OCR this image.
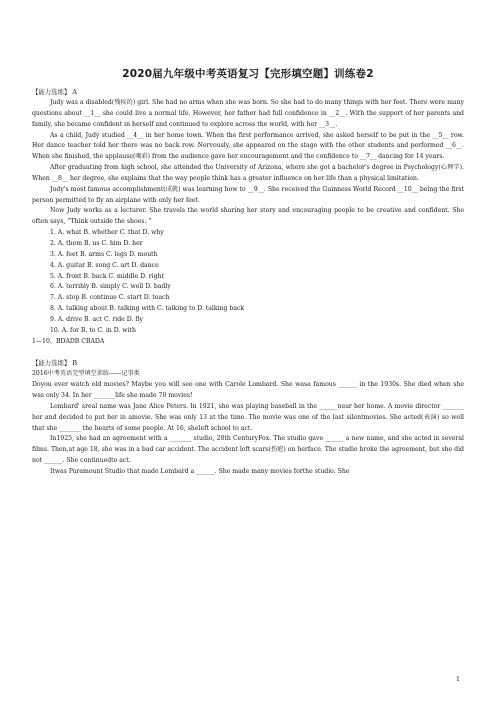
2020届九年级中考英语复习【完形填空题】训练卷2

【能力选练】 A

Judy was a disabled(残疾的) girl. She had no arms when she was born. So she had to do many things with her feet. There were many questions about __1__ she could live a normal life. However, her father had full confidence in __2__. With the support of her parents and family, she became confident in herself and continued to explore across the world, with her __3__.

As a child, Judy studied __4__ in her home town. When the first performance arrived, she asked herself to be put in the __5__ row. Her dance teacher told her there was no back row. Nervously, she appeared on the stage with the other students and performed __6__. When she finished, the applause(喝彩) from the audience gave her encouragement and the confidence to __7__ dancing for 14 years.

After graduating from high school, she attended the University of Arizona, where she got a bachelor's degree in Psychology(心理学). When __8__ her degree, she explains that the way people think has a greater influence on her life than a physical limitation.

Judy's most famous accomplishment(成就) was learning how to __9__. She received the Guinness World Record __10__ being the first person permitted to fly an airplane with only her feet.

Now Judy works as a lecturer. She travels the world sharing her story and encouraging people to be creative and confident. She often says, “Think outside the shoes. ”

1. A. what B. whether C. that D. why

2. A. them B. us C. him D. her

3. A. feet B. arms C. legs D. mouth

4. A. guitar B. song C. art D. dance

5. A. front B. back C. middle D. right

6. A. terribly B. simply C. well D. badly

7. A. stop B. continue C. start D. teach

8. A. talking about B. talking with C. talking to D. talking back

9. A. drive B. act C. ride D. fly

10. A. for B. to C. in D. with

1—10、BDADB CBADA

【能力选练】 B

2016中考英语完型填空训练——记事类

Doyou ever watch old movies? Maybe you will see one with Carole Lombard. She wasa famous ______ in the 1930s. She died when she was only 34. In her _______life she made 70 movies!

Lombard' sreal name was Jane Alice Peters. In 1921, she was playing baseball in the ______near her home. A movie director _______ her and decided to put her in amovie. She was only 13 at the time. The movie was one of the last silentmovies. She acted(表演) so well that she _______ the hearts of some people. At 16, sheleft school to act.

In1925, she had an agreement with a _______ studio, 20th CenturyFox. The studio gave ______ a new name, and she acted in several films. Then,at age 18, she was in a bad car accident. The accident left scars(伤疤) on herface. The studio broke the agreement, but she did not ______. She continuedto act.

Itwas Paramount Studio that made Lombard a ______. She made many movies forthe studio. She

1
